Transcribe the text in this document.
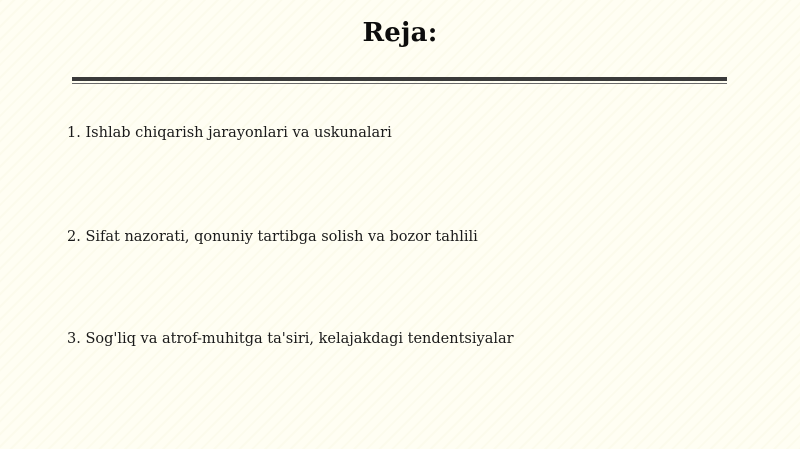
Reja:
1. Ishlab chiqarish jarayonlari va uskunalari
2. Sifat nazorati, qonuniy tartibga solish va bozor tahlili
3. Sog'liq va atrof-muhitga ta'siri, kelajakdagi tendentsiyalar
